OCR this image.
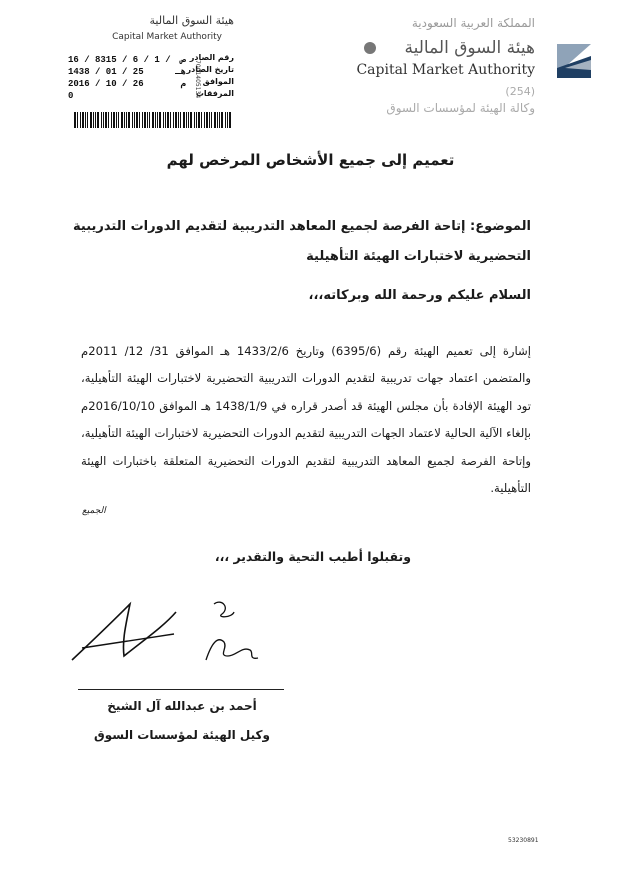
المملكة العربية السعودية
هيئة السوق المالية
Capital Market Authority
(254)
وكالة الهيئة لمؤسسات السوق
هيئة السوق المالية
Capital Market Authority
16 / 8315 / 6 / 1 / ص
1438 / 01 / 25	هـ
2016 / 10 / 26	م
0
رقم الصادر
تاريخ الصادر
الموافق
المرفقات
7001405134
تعميم إلى جميع الأشخاص المرخص لهم
الموضوع: إتاحة الفرصة لجميع المعاهد التدريبية لتقديم الدورات التدريبية التحضيرية لاختبارات الهيئة التأهيلية
السلام عليكم ورحمة الله وبركاته،،،
إشارة إلى تعميم الهيئة رقم (6395/6) وتاريخ 1433/2/6 هـ الموافق 31/ 12/ 2011م والمتضمن اعتماد جهات تدريبية لتقديم الدورات التدريبية التحضيرية لاختبارات الهيئة التأهيلية، تود الهيئة الإفادة بأن مجلس الهيئة قد أصدر قراره في 1438/1/9 هـ الموافق 2016/10/10م بإلغاء الآلية الحالية لاعتماد الجهات التدريبية لتقديم الدورات التحضيرية لاختبارات الهيئة التأهيلية، وإتاحة الفرصة لجميع المعاهد التدريبية لتقديم الدورات التحضيرية المتعلقة باختبارات الهيئة التأهيلية.
الجميع
وتقبلوا أطيب التحية والتقدير ،،،
أحمد بن عبدالله آل الشيخ
وكيل الهيئة لمؤسسات السوق
53230891
